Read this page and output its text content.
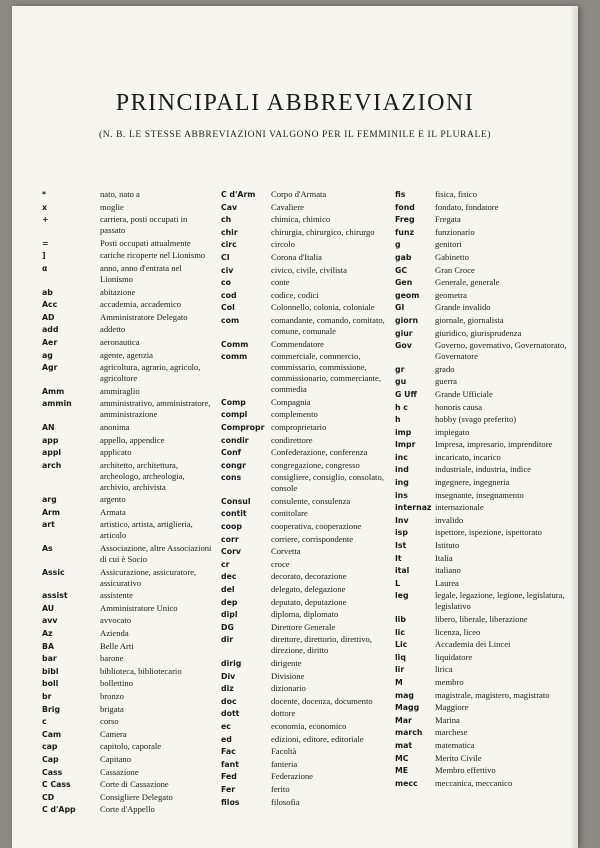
PRINCIPALI ABBREVIAZIONI
(N. B. LE STESSE ABBREVIAZIONI VALGONO PER IL FEMMINILE E IL PLURALE)
*	nato, nato a
x	moglie
+	carriera, posti occupati in passato
=	Posti occupati attualmente
]	cariche ricoperte nel Lionismo
α	anno, anno d'entrata nel Lionismo
ab	abitazione
Acc	accademia, accademico
AD	Amministratore Delegato
add	addetto
Aer	aeronautica
ag	agente, agenzia
Agr	agricoltura, agrario, agricolo, agricoltore
Amm	ammiraglio
ammin	amministrativo, amministratore, amministrazione
AN	anonima
app	appello, appendice
appl	applicato
arch	architetto, architettura, archeologo, archeologia, archivio, archivista
arg	argento
Arm	Armata
art	artistico, artista, artiglieria, articolo
As	Associazione, altre Associazioni di cui è Socio
Assic	Assicurazione, assicuratore, assicurativo
assist	assistente
AU	Amministratore Unico
avv	avvocato
Az	Azienda
BA	Belle Arti
bar	barone
bibl	biblioteca, bibliotecario
boll	bollettino
br	bronzo
Brig	brigata
c	corso
Cam	Camera
cap	capitolo, caporale
Cap	Capitano
Cass	Cassazione
C Cass	Corte di Cassazione
CD	Consigliere Delegato
C d'App	Corte d'Appello
C d'Arm	Corpo d'Armata
Cav	Cavaliere
ch	chimica, chimico
chir	chirurgia, chirurgico, chirurgo
circ	circolo
CI	Corona d'Italia
civ	civico, civile, civilista
co	conte
cod	codice, codici
Col	Colonnello, colonia, coloniale
com	comandante, comando, comitato, comune, comunale
Comm	Commendatore
comm	commerciale, commercio, commissario, commissione, commissionario, commerciante, commedia
Comp	Compagnia
compl	complemento
Compropr comproprietario
condir	condirettore
Conf	Confederazione, conferenza
congr	congregazione, congresso
cons	consigliere, consiglio, consolato, console
Consul	consulente, consulenza
contit	contitolare
coop	cooperativa, cooperazione
corr	corriere, corrispondente
Corv	Corvetta
cr	croce
dec	decorato, decorazione
del	delegato, delegazione
dep	deputato, deputazione
dipl	diploma, diplomato
DG	Direttore Generale
dir	direttore, direttorio, direttivo, direzione, diritto
dirig	dirigente
Div	Divisione
diz	dizionario
doc	docente, docenza, documento
dott	dottore
ec	economia, economico
ed	edizioni, editore, editoriale
Fac	Facoltà
fant	fanteria
Fed	Federazione
Fer	ferito
filos	filosofia
fis	fisica, fisico
fond	fondato, fondatore
Freg	Fregata
funz	funzionario
g	genitori
gab	Gabinetto
GC	Gran Croce
Gen	Generale, generale
geom	geometra
GI	Grande invalido
giorn	giornale, giornalista
giur	giuridico, giurisprudenza
Gov	Governo, governativo, Governatorato, Governatore
gr	grado
gu	guerra
G Uff	Grande Ufficiale
h c	honoris causa
h	hobby (svago preferito)
imp	impiegato
Impr	Impresa, impresario, imprenditore
inc	incaricato, incarico
ind	industriale, industria, indice
ing	ingegnere, ingegneria
ins	insegnante, insegnamento
internaz internazionale
Inv	invalido
isp	ispettore, ispezione, ispettorato
Ist	Istituto
It	Italia
ital	italiano
L	Laurea
leg	legale, legazione, legione, legislatura, legislativo
lib	libero, liberale, liberazione
lic	licenza, liceo
Lic	Accademia dei Lincei
liq	liquidatore
lir	lirica
M	membro
mag	magistrale, magistero, magistrato
Magg	Maggiore
Mar	Marina
march	marchese
mat	matematica
MC	Merito Civile
ME	Membro effettivo
mecc	meccanica, meccanico
